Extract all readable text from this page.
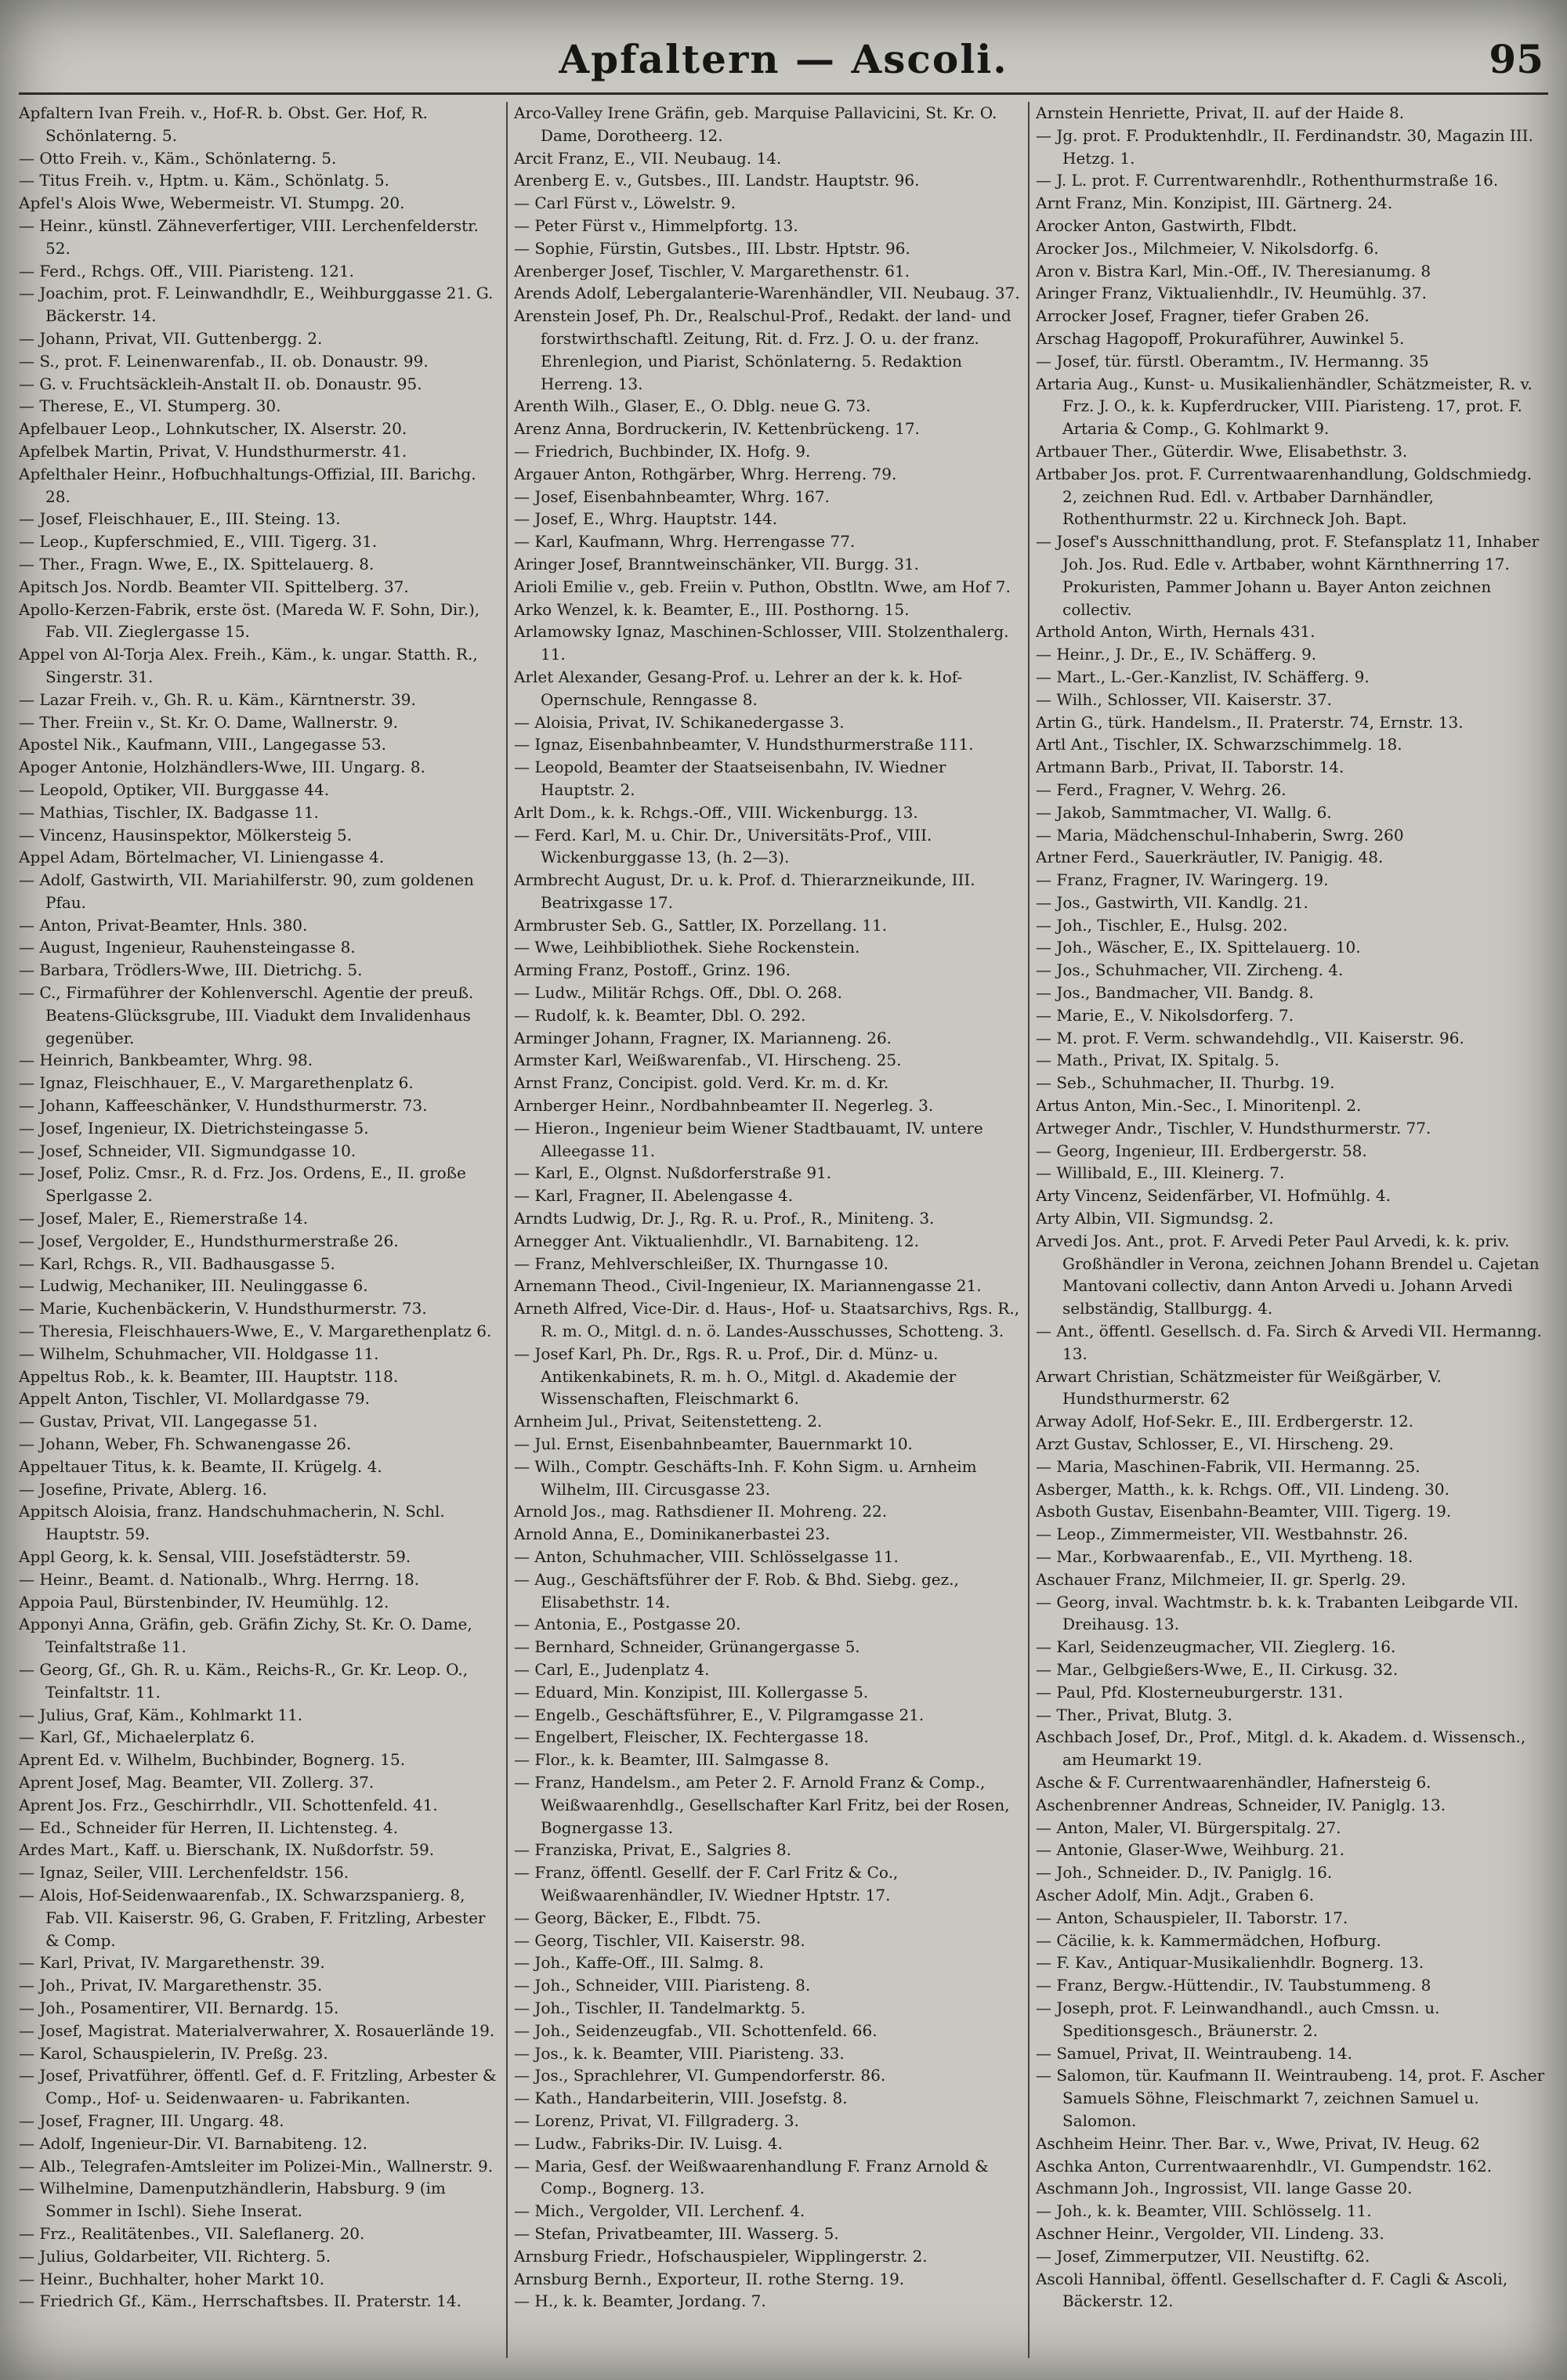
Apfaltern — Ascoli.	95

Apfaltern Ivan Freih. v., Hof-R. b. Obst. Ger. Hof, R. Schönlaterng. 5.

— Otto Freih. v., Käm., Schönlaterng. 5.

— Titus Freih. v., Hptm. u. Käm., Schönlatg. 5.

Apfel's Alois Wwe, Webermeistr. VI. Stumpg. 20.

— Heinr., künstl. Zähneverfertiger, VIII. Lerchenfelderstr. 52.

— Ferd., Rchgs. Off., VIII. Piaristeng. 121.

— Joachim, prot. F. Leinwandhdlr, E., Weihburggasse 21. G. Bäckerstr. 14.

— Johann, Privat, VII. Guttenbergg. 2.

— S., prot. F. Leinenwarenfab., II. ob. Donaustr. 99.

— G. v. Fruchtsäckleih-Anstalt II. ob. Donaustr. 95.

— Therese, E., VI. Stumperg. 30.

Apfelbauer Leop., Lohnkutscher, IX. Alserstr. 20.

Apfelbek Martin, Privat, V. Hundsthurmerstr. 41.

Apfelthaler Heinr., Hofbuchhaltungs-Offizial, III. Barichg. 28.

— Josef, Fleischhauer, E., III. Steing. 13.

— Leop., Kupferschmied, E., VIII. Tigerg. 31.

— Ther., Fragn. Wwe, E., IX. Spittelauerg. 8.

Apitsch Jos. Nordb. Beamter VII. Spittelberg. 37.

Apollo-Kerzen-Fabrik, erste öst. (Mareda W. F. Sohn, Dir.), Fab. VII. Zieglergasse 15.

Appel von Al-Torja Alex. Freih., Käm., k. ungar. Statth. R., Singerstr. 31.

— Lazar Freih. v., Gh. R. u. Käm., Kärntnerstr. 39.

— Ther. Freiin v., St. Kr. O. Dame, Wallnerstr. 9.

Apostel Nik., Kaufmann, VIII., Langegasse 53.

Apoger Antonie, Holzhändlers-Wwe, III. Ungarg. 8.

— Leopold, Optiker, VII. Burggasse 44.

— Mathias, Tischler, IX. Badgasse 11.

— Vincenz, Hausinspektor, Mölkersteig 5.

Appel Adam, Börtelmacher, VI. Liniengasse 4.

— Adolf, Gastwirth, VII. Mariahilferstr. 90, zum goldenen Pfau.

— Anton, Privat-Beamter, Hnls. 380.

— August, Ingenieur, Rauhensteingasse 8.

— Barbara, Trödlers-Wwe, III. Dietrichg. 5.

— C., Firmaführer der Kohlenverschl. Agentie der preuß. Beatens-Glücksgrube, III. Viadukt dem Invalidenhaus gegenüber.

— Heinrich, Bankbeamter, Whrg. 98.

— Ignaz, Fleischhauer, E., V. Margarethenplatz 6.

— Johann, Kaffeeschänker, V. Hundsthurmerstr. 73.

— Josef, Ingenieur, IX. Dietrichsteingasse 5.

— Josef, Schneider, VII. Sigmundgasse 10.

— Josef, Poliz. Cmsr., R. d. Frz. Jos. Ordens, E., II. große Sperlgasse 2.

— Josef, Maler, E., Riemerstraße 14.

— Josef, Vergolder, E., Hundsthurmerstraße 26.

— Karl, Rchgs. R., VII. Badhausgasse 5.

— Ludwig, Mechaniker, III. Neulinggasse 6.

— Marie, Kuchenbäckerin, V. Hundsthurmerstr. 73.

— Theresia, Fleischhauers-Wwe, E., V. Margarethenplatz 6.

— Wilhelm, Schuhmacher, VII. Holdgasse 11.

Appeltus Rob., k. k. Beamter, III. Hauptstr. 118.

Appelt Anton, Tischler, VI. Mollardgasse 79.

— Gustav, Privat, VII. Langegasse 51.

— Johann, Weber, Fh. Schwanengasse 26.

Appeltauer Titus, k. k. Beamte, II. Krügelg. 4.

— Josefine, Private, Ablerg. 16.

Appitsch Aloisia, franz. Handschuhmacherin, N. Schl. Hauptstr. 59.

Appl Georg, k. k. Sensal, VIII. Josefstädterstr. 59.

— Heinr., Beamt. d. Nationalb., Whrg. Herrng. 18.

Appoia Paul, Bürstenbinder, IV. Heumühlg. 12.

Apponyi Anna, Gräfin, geb. Gräfin Zichy, St. Kr. O. Dame, Teinfaltstraße 11.

— Georg, Gf., Gh. R. u. Käm., Reichs-R., Gr. Kr. Leop. O., Teinfaltstr. 11.

— Julius, Graf, Käm., Kohlmarkt 11.

— Karl, Gf., Michaelerplatz 6.

Aprent Ed. v. Wilhelm, Buchbinder, Bognerg. 15.

Aprent Josef, Mag. Beamter, VII. Zollerg. 37.

Aprent Jos. Frz., Geschirrhdlr., VII. Schottenfeld. 41.

— Ed., Schneider für Herren, II. Lichtensteg. 4.

Ardes Mart., Kaff. u. Bierschank, IX. Nußdorfstr. 59.

— Ignaz, Seiler, VIII. Lerchenfeldstr. 156.

— Alois, Hof-Seidenwaarenfab., IX. Schwarzspanierg. 8, Fab. VII. Kaiserstr. 96, G. Graben, F. Fritzling, Arbester & Comp.

— Karl, Privat, IV. Margarethenstr. 39.

— Joh., Privat, IV. Margarethenstr. 35.

— Joh., Posamentirer, VII. Bernardg. 15.

— Josef, Magistrat. Materialverwahrer, X. Rosauerlände 19.

— Karol, Schauspielerin, IV. Preßg. 23.

— Josef, Privatführer, öffentl. Gef. d. F. Fritzling, Arbester & Comp., Hof- u. Seidenwaaren- u. Fabrikanten.

— Josef, Fragner, III. Ungarg. 48.

— Adolf, Ingenieur-Dir. VI. Barnabiteng. 12.

— Alb., Telegrafen-Amtsleiter im Polizei-Min., Wallnerstr. 9.

— Wilhelmine, Damenputzhändlerin, Habsburg. 9 (im Sommer in Ischl). Siehe Inserat.

— Frz., Realitätenbes., VII. Saleflanerg. 20.

— Julius, Goldarbeiter, VII. Richterg. 5.

— Heinr., Buchhalter, hoher Markt 10.

— Friedrich Gf., Käm., Herrschaftsbes. II. Praterstr. 14.

Arco-Valley Irene Gräfin, geb. Marquise Pallavicini, St. Kr. O. Dame, Dorotheerg. 12.

Arcit Franz, E., VII. Neubaug. 14.

Arenberg E. v., Gutsbes., III. Landstr. Hauptstr. 96.

— Carl Fürst v., Löwelstr. 9.

— Peter Fürst v., Himmelpfortg. 13.

— Sophie, Fürstin, Gutsbes., III. Lbstr. Hptstr. 96.

Arenberger Josef, Tischler, V. Margarethenstr. 61.

Arends Adolf, Lebergalanterie-Warenhändler, VII. Neubaug. 37.

Arenstein Josef, Ph. Dr., Realschul-Prof., Redakt. der land- und forstwirthschaftl. Zeitung, Rit. d. Frz. J. O. u. der franz. Ehrenlegion, und Piarist, Schönlaterng. 5. Redaktion Herreng. 13.

Arenth Wilh., Glaser, E., O. Dblg. neue G. 73.

Arenz Anna, Bordruckerin, IV. Kettenbrückeng. 17.

— Friedrich, Buchbinder, IX. Hofg. 9.

Argauer Anton, Rothgärber, Whrg. Herreng. 79.

— Josef, Eisenbahnbeamter, Whrg. 167.

— Josef, E., Whrg. Hauptstr. 144.

— Karl, Kaufmann, Whrg. Herrengasse 77.

Aringer Josef, Branntweinschänker, VII. Burgg. 31.

Arioli Emilie v., geb. Freiin v. Puthon, Obstltn. Wwe, am Hof 7.

Arko Wenzel, k. k. Beamter, E., III. Posthorng. 15.

Arlamowsky Ignaz, Maschinen-Schlosser, VIII. Stolzenthalerg. 11.

Arlet Alexander, Gesang-Prof. u. Lehrer an der k. k. Hof-Opernschule, Renngasse 8.

— Aloisia, Privat, IV. Schikanedergasse 3.

— Ignaz, Eisenbahnbeamter, V. Hundsthurmerstraße 111.

— Leopold, Beamter der Staatseisenbahn, IV. Wiedner Hauptstr. 2.

Arlt Dom., k. k. Rchgs.-Off., VIII. Wickenburgg. 13.

— Ferd. Karl, M. u. Chir. Dr., Universitäts-Prof., VIII. Wickenburggasse 13, (h. 2—3).

Armbrecht August, Dr. u. k. Prof. d. Thierarzneikunde, III. Beatrixgasse 17.

Armbruster Seb. G., Sattler, IX. Porzellang. 11.

— Wwe, Leihbibliothek. Siehe Rockenstein.

Arming Franz, Postoff., Grinz. 196.

— Ludw., Militär Rchgs. Off., Dbl. O. 268.

— Rudolf, k. k. Beamter, Dbl. O. 292.

Arminger Johann, Fragner, IX. Marianneng. 26.

Armster Karl, Weißwarenfab., VI. Hirscheng. 25.

Arnst Franz, Concipist. gold. Verd. Kr. m. d. Kr.

Arnberger Heinr., Nordbahnbeamter II. Negerleg. 3.

— Hieron., Ingenieur beim Wiener Stadtbauamt, IV. untere Alleegasse 11.

— Karl, E., Olgnst. Nußdorferstraße 91.

— Karl, Fragner, II. Abelengasse 4.

Arndts Ludwig, Dr. J., Rg. R. u. Prof., R., Miniteng. 3.

Arnegger Ant. Viktualienhdlr., VI. Barnabiteng. 12.

— Franz, Mehlverschleißer, IX. Thurngasse 10.

Arnemann Theod., Civil-Ingenieur, IX. Mariannengasse 21.

Arneth Alfred, Vice-Dir. d. Haus-, Hof- u. Staatsarchivs, Rgs. R., R. m. O., Mitgl. d. n. ö. Landes-Ausschusses, Schotteng. 3.

— Josef Karl, Ph. Dr., Rgs. R. u. Prof., Dir. d. Münz- u. Antikenkabinets, R. m. h. O., Mitgl. d. Akademie der Wissenschaften, Fleischmarkt 6.

Arnheim Jul., Privat, Seitenstetteng. 2.

— Jul. Ernst, Eisenbahnbeamter, Bauernmarkt 10.

— Wilh., Comptr. Geschäfts-Inh. F. Kohn Sigm. u. Arnheim Wilhelm, III. Circusgasse 23.

Arnold Jos., mag. Rathsdiener II. Mohreng. 22.

Arnold Anna, E., Dominikanerbastei 23.

— Anton, Schuhmacher, VIII. Schlösselgasse 11.

— Aug., Geschäftsführer der F. Rob. & Bhd. Siebg. gez., Elisabethstr. 14.

— Antonia, E., Postgasse 20.

— Bernhard, Schneider, Grünangergasse 5.

— Carl, E., Judenplatz 4.

— Eduard, Min. Konzipist, III. Kollergasse 5.

— Engelb., Geschäftsführer, E., V. Pilgramgasse 21.

— Engelbert, Fleischer, IX. Fechtergasse 18.

— Flor., k. k. Beamter, III. Salmgasse 8.

— Franz, Handelsm., am Peter 2. F. Arnold Franz & Comp., Weißwaarenhdlg., Gesellschafter Karl Fritz, bei der Rosen, Bognergasse 13.

— Franziska, Privat, E., Salgries 8.

— Franz, öffentl. Gesellf. der F. Carl Fritz & Co., Weißwaarenhändler, IV. Wiedner Hptstr. 17.

— Georg, Bäcker, E., Flbdt. 75.

— Georg, Tischler, VII. Kaiserstr. 98.

— Joh., Kaffe-Off., III. Salmg. 8.

— Joh., Schneider, VIII. Piaristeng. 8.

— Joh., Tischler, II. Tandelmarktg. 5.

— Joh., Seidenzeugfab., VII. Schottenfeld. 66.

— Jos., k. k. Beamter, VIII. Piaristeng. 33.

— Jos., Sprachlehrer, VI. Gumpendorferstr. 86.

— Kath., Handarbeiterin, VIII. Josefstg. 8.

— Lorenz, Privat, VI. Fillgraderg. 3.

— Ludw., Fabriks-Dir. IV. Luisg. 4.

— Maria, Gesf. der Weißwaarenhandlung F. Franz Arnold & Comp., Bognerg. 13.

— Mich., Vergolder, VII. Lerchenf. 4.

— Stefan, Privatbeamter, III. Wasserg. 5.

Arnsburg Friedr., Hofschauspieler, Wipplingerstr. 2.

Arnsburg Bernh., Exporteur, II. rothe Sterng. 19.

— H., k. k. Beamter, Jordang. 7.

Arnstein Henriette, Privat, II. auf der Haide 8.

— Jg. prot. F. Produktenhdlr., II. Ferdinandstr. 30, Magazin III. Hetzg. 1.

— J. L. prot. F. Currentwarenhdlr., Rothenthurmstraße 16.

Arnt Franz, Min. Konzipist, III. Gärtnerg. 24.

Arocker Anton, Gastwirth, Flbdt.

Arocker Jos., Milchmeier, V. Nikolsdorfg. 6.

Aron v. Bistra Karl, Min.-Off., IV. Theresianumg. 8

Aringer Franz, Viktualienhdlr., IV. Heumühlg. 37.

Arrocker Josef, Fragner, tiefer Graben 26.

Arschag Hagopoff, Prokuraführer, Auwinkel 5.

— Josef, tür. fürstl. Oberamtm., IV. Hermanng. 35

Artaria Aug., Kunst- u. Musikalienhändler, Schätzmeister, R. v. Frz. J. O., k. k. Kupferdrucker, VIII. Piaristeng. 17, prot. F. Artaria & Comp., G. Kohlmarkt 9.

Artbauer Ther., Güterdir. Wwe, Elisabethstr. 3.

Artbaber Jos. prot. F. Currentwaarenhandlung, Goldschmiedg. 2, zeichnen Rud. Edl. v. Artbaber Darnhändler, Rothenthurmstr. 22 u. Kirchneck Joh. Bapt.

— Josef's Ausschnitthandlung, prot. F. Stefansplatz 11, Inhaber Joh. Jos. Rud. Edle v. Artbaber, wohnt Kärnthnerring 17. Prokuristen, Pammer Johann u. Bayer Anton zeichnen collectiv.

Arthold Anton, Wirth, Hernals 431.

— Heinr., J. Dr., E., IV. Schäfferg. 9.

— Mart., L.-Ger.-Kanzlist, IV. Schäfferg. 9.

— Wilh., Schlosser, VII. Kaiserstr. 37.

Artin G., türk. Handelsm., II. Praterstr. 74, Ernstr. 13.

Artl Ant., Tischler, IX. Schwarzschimmelg. 18.

Artmann Barb., Privat, II. Taborstr. 14.

— Ferd., Fragner, V. Wehrg. 26.

— Jakob, Sammtmacher, VI. Wallg. 6.

— Maria, Mädchenschul-Inhaberin, Swrg. 260

Artner Ferd., Sauerkräutler, IV. Panigig. 48.

— Franz, Fragner, IV. Waringerg. 19.

— Jos., Gastwirth, VII. Kandlg. 21.

— Joh., Tischler, E., Hulsg. 202.

— Joh., Wäscher, E., IX. Spittelauerg. 10.

— Jos., Schuhmacher, VII. Zircheng. 4.

— Jos., Bandmacher, VII. Bandg. 8.

— Marie, E., V. Nikolsdorferg. 7.

— M. prot. F. Verm. schwandehdlg., VII. Kaiserstr. 96.

— Math., Privat, IX. Spitalg. 5.

— Seb., Schuhmacher, II. Thurbg. 19.

Artus Anton, Min.-Sec., I. Minoritenpl. 2.

Artweger Andr., Tischler, V. Hundsthurmerstr. 77.

— Georg, Ingenieur, III. Erdbergerstr. 58.

— Willibald, E., III. Kleinerg. 7.

Arty Vincenz, Seidenfärber, VI. Hofmühlg. 4.

Arty Albin, VII. Sigmundsg. 2.

Arvedi Jos. Ant., prot. F. Arvedi Peter Paul Arvedi, k. k. priv. Großhändler in Verona, zeichnen Johann Brendel u. Cajetan Mantovani collectiv, dann Anton Arvedi u. Johann Arvedi selbständig, Stallburgg. 4.

— Ant., öffentl. Gesellsch. d. Fa. Sirch & Arvedi VII. Hermanng. 13.

Arwart Christian, Schätzmeister für Weißgärber, V. Hundsthurmerstr. 62

Arway Adolf, Hof-Sekr. E., III. Erdbergerstr. 12.

Arzt Gustav, Schlosser, E., VI. Hirscheng. 29.

— Maria, Maschinen-Fabrik, VII. Hermanng. 25.

Asberger, Matth., k. k. Rchgs. Off., VII. Lindeng. 30.

Asboth Gustav, Eisenbahn-Beamter, VIII. Tigerg. 19.

— Leop., Zimmermeister, VII. Westbahnstr. 26.

— Mar., Korbwaarenfab., E., VII. Myrtheng. 18.

Aschauer Franz, Milchmeier, II. gr. Sperlg. 29.

— Georg, inval. Wachtmstr. b. k. k. Trabanten Leibgarde VII. Dreihausg. 13.

— Karl, Seidenzeugmacher, VII. Zieglerg. 16.

— Mar., Gelbgießers-Wwe, E., II. Cirkusg. 32.

— Paul, Pfd. Klosterneuburgerstr. 131.

— Ther., Privat, Blutg. 3.

Aschbach Josef, Dr., Prof., Mitgl. d. k. Akadem. d. Wissensch., am Heumarkt 19.

Asche & F. Currentwaarenhändler, Hafnersteig 6.

Aschenbrenner Andreas, Schneider, IV. Paniglg. 13.

— Anton, Maler, VI. Bürgerspitalg. 27.

— Antonie, Glaser-Wwe, Weihburg. 21.

— Joh., Schneider. D., IV. Paniglg. 16.

Ascher Adolf, Min. Adjt., Graben 6.

— Anton, Schauspieler, II. Taborstr. 17.

— Cäcilie, k. k. Kammermädchen, Hofburg.

— F. Kav., Antiquar-Musikalienhdlr. Bognerg. 13.

— Franz, Bergw.-Hüttendir., IV. Taubstummeng. 8

— Joseph, prot. F. Leinwandhandl., auch Cmssn. u. Speditionsgesch., Bräunerstr. 2.

— Samuel, Privat, II. Weintraubeng. 14.

— Salomon, tür. Kaufmann II. Weintraubeng. 14, prot. F. Ascher Samuels Söhne, Fleischmarkt 7, zeichnen Samuel u. Salomon.

Aschheim Heinr. Ther. Bar. v., Wwe, Privat, IV. Heug. 62

Aschka Anton, Currentwaarenhdlr., VI. Gumpendstr. 162.

Aschmann Joh., Ingrossist, VII. lange Gasse 20.

— Joh., k. k. Beamter, VIII. Schlösselg. 11.

Aschner Heinr., Vergolder, VII. Lindeng. 33.

— Josef, Zimmerputzer, VII. Neustiftg. 62.

Ascoli Hannibal, öffentl. Gesellschafter d. F. Cagli & Ascoli, Bäckerstr. 12.
